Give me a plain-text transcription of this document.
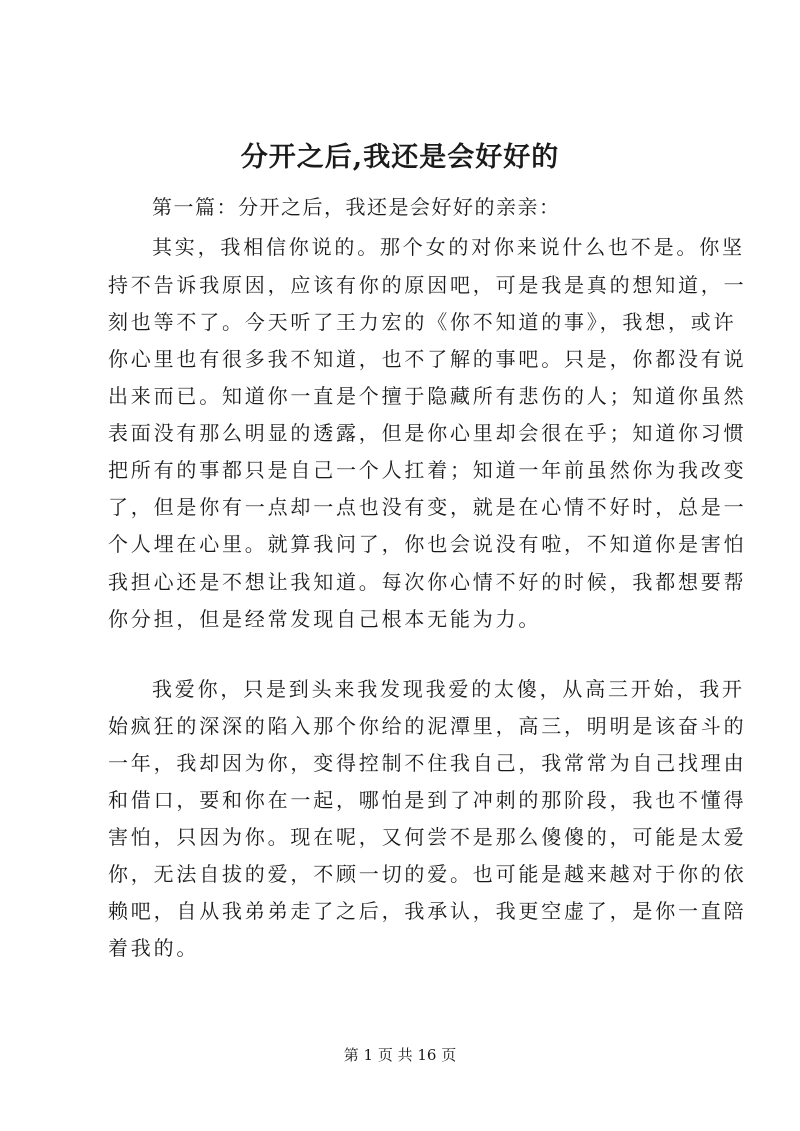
分开之后,我还是会好好的
第一篇：分开之后，我还是会好好的亲亲：
其实，我相信你说的。那个女的对你来说什么也不是。你坚
持不告诉我原因，应该有你的原因吧，可是我是真的想知道，一
刻也等不了。今天听了王力宏的《你不知道的事》，我想，或许
你心里也有很多我不知道，也不了解的事吧。只是，你都没有说
出来而已。知道你一直是个擅于隐藏所有悲伤的人；知道你虽然
表面没有那么明显的透露，但是你心里却会很在乎；知道你习惯
把所有的事都只是自己一个人扛着；知道一年前虽然你为我改变
了，但是你有一点却一点也没有变，就是在心情不好时，总是一
个人埋在心里。就算我问了，你也会说没有啦，不知道你是害怕
我担心还是不想让我知道。每次你心情不好的时候，我都想要帮
你分担，但是经常发现自己根本无能为力。
我爱你，只是到头来我发现我爱的太傻，从高三开始，我开
始疯狂的深深的陷入那个你给的泥潭里，高三，明明是该奋斗的
一年，我却因为你，变得控制不住我自己，我常常为自己找理由
和借口，要和你在一起，哪怕是到了冲刺的那阶段，我也不懂得
害怕，只因为你。现在呢，又何尝不是那么傻傻的，可能是太爱
你，无法自拔的爱，不顾一切的爱。也可能是越来越对于你的依
赖吧，自从我弟弟走了之后，我承认，我更空虚了，是你一直陪
着我的。
第 1 页 共 16 页
